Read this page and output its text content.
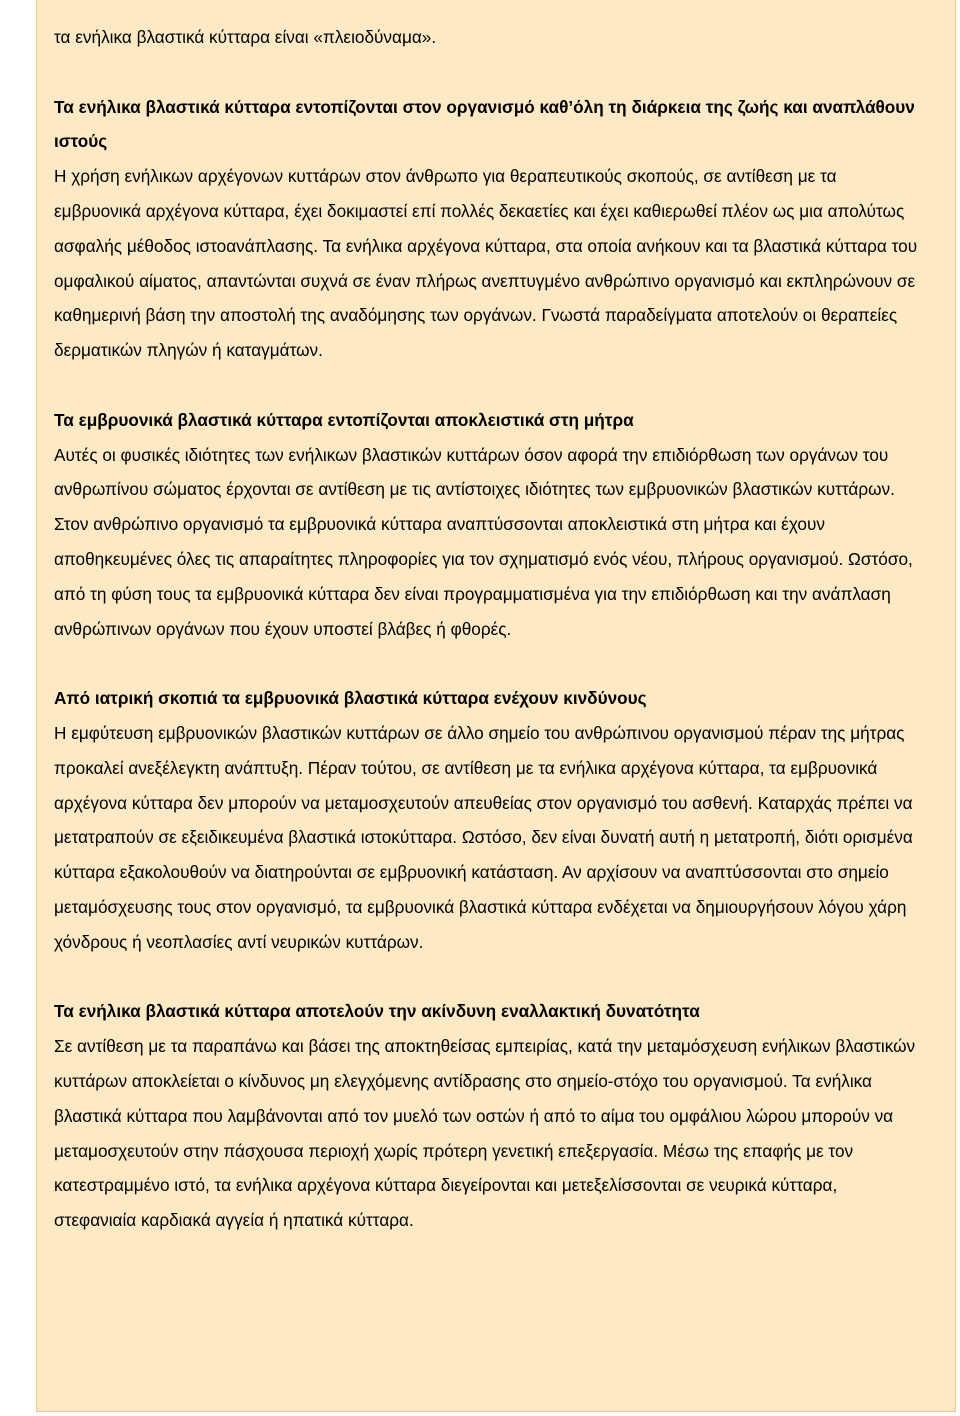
τα ενήλικα βλαστικά κύτταρα είναι «πλειοδύναμα».

Τα ενήλικα βλαστικά κύτταρα εντοπίζονται στον οργανισμό καθ’όλη τη διάρκεια της ζωής και αναπλάθουν ιστούς

Η χρήση ενήλικων αρχέγονων κυττάρων στον άνθρωπο για θεραπευτικούς σκοπούς, σε αντίθεση με τα εμβρυονικά αρχέγονα κύτταρα, έχει δοκιμαστεί επί πολλές δεκαετίες και έχει καθιερωθεί πλέον ως μια απολύτως ασφαλής μέθοδος ιστοανάπλασης. Τα ενήλικα αρχέγονα κύτταρα, στα οποία ανήκουν και τα βλαστικά κύτταρα του ομφαλικού αίματος, απαντώνται συχνά σε έναν πλήρως ανεπτυγμένο ανθρώπινο οργανισμό και εκπληρώνουν σε καθημερινή βάση την αποστολή της αναδόμησης των οργάνων. Γνωστά παραδείγματα αποτελούν οι θεραπείες δερματικών πληγών ή καταγμάτων.

Τα εμβρυονικά βλαστικά κύτταρα εντοπίζονται αποκλειστικά στη μήτρα

Αυτές οι φυσικές ιδιότητες των ενήλικων βλαστικών κυττάρων όσον αφορά την επιδιόρθωση των οργάνων του ανθρωπίνου σώματος έρχονται σε αντίθεση με τις αντίστοιχες ιδιότητες των εμβρυονικών βλαστικών κυττάρων. Στον ανθρώπινο οργανισμό τα εμβρυονικά κύτταρα αναπτύσσονται αποκλειστικά στη μήτρα και έχουν αποθηκευμένες όλες τις απαραίτητες πληροφορίες για τον σχηματισμό ενός νέου, πλήρους οργανισμού. Ωστόσο, από τη φύση τους τα εμβρυονικά κύτταρα δεν είναι προγραμματισμένα για την επιδιόρθωση και την ανάπλαση ανθρώπινων οργάνων που έχουν υποστεί βλάβες ή φθορές.

Από ιατρική σκοπιά τα εμβρυονικά βλαστικά κύτταρα ενέχουν κινδύνους

Η εμφύτευση εμβρυονικών βλαστικών κυττάρων σε άλλο σημείο του ανθρώπινου οργανισμού πέραν της μήτρας προκαλεί ανεξέλεγκτη ανάπτυξη. Πέραν τούτου, σε αντίθεση με τα ενήλικα αρχέγονα κύτταρα, τα εμβρυονικά αρχέγονα κύτταρα δεν μπορούν να μεταμοσχευτούν απευθείας στον οργανισμό του ασθενή. Καταρχάς πρέπει να μετατραπούν σε εξειδικευμένα βλαστικά ιστοκύτταρα. Ωστόσο, δεν είναι δυνατή αυτή η μετατροπή, διότι ορισμένα κύτταρα εξακολουθούν να διατηρούνται σε εμβρυονική κατάσταση. Αν αρχίσουν να αναπτύσσονται στο σημείο μεταμόσχευσης τους στον οργανισμό, τα εμβρυονικά βλαστικά κύτταρα ενδέχεται να δημιουργήσουν λόγου χάρη χόνδρους ή νεοπλασίες αντί νευρικών κυττάρων.

Τα ενήλικα βλαστικά κύτταρα αποτελούν την ακίνδυνη εναλλακτική δυνατότητα

Σε αντίθεση με τα παραπάνω και βάσει της αποκτηθείσας εμπειρίας, κατά την μεταμόσχευση ενήλικων βλαστικών κυττάρων αποκλείεται ο κίνδυνος μη ελεγχόμενης αντίδρασης στο σημείο-στόχο του οργανισμού. Τα ενήλικα βλαστικά κύτταρα που λαμβάνονται από τον μυελό των οστών ή από το αίμα του ομφάλιου λώρου μπορούν να μεταμοσχευτούν στην πάσχουσα περιοχή χωρίς πρότερη γενετική επεξεργασία. Μέσω της επαφής με τον κατεστραμμένο ιστό, τα ενήλικα αρχέγονα κύτταρα διεγείρονται και μετεξελίσσονται σε νευρικά κύτταρα, στεφανιαία καρδιακά αγγεία ή ηπατικά κύτταρα.
